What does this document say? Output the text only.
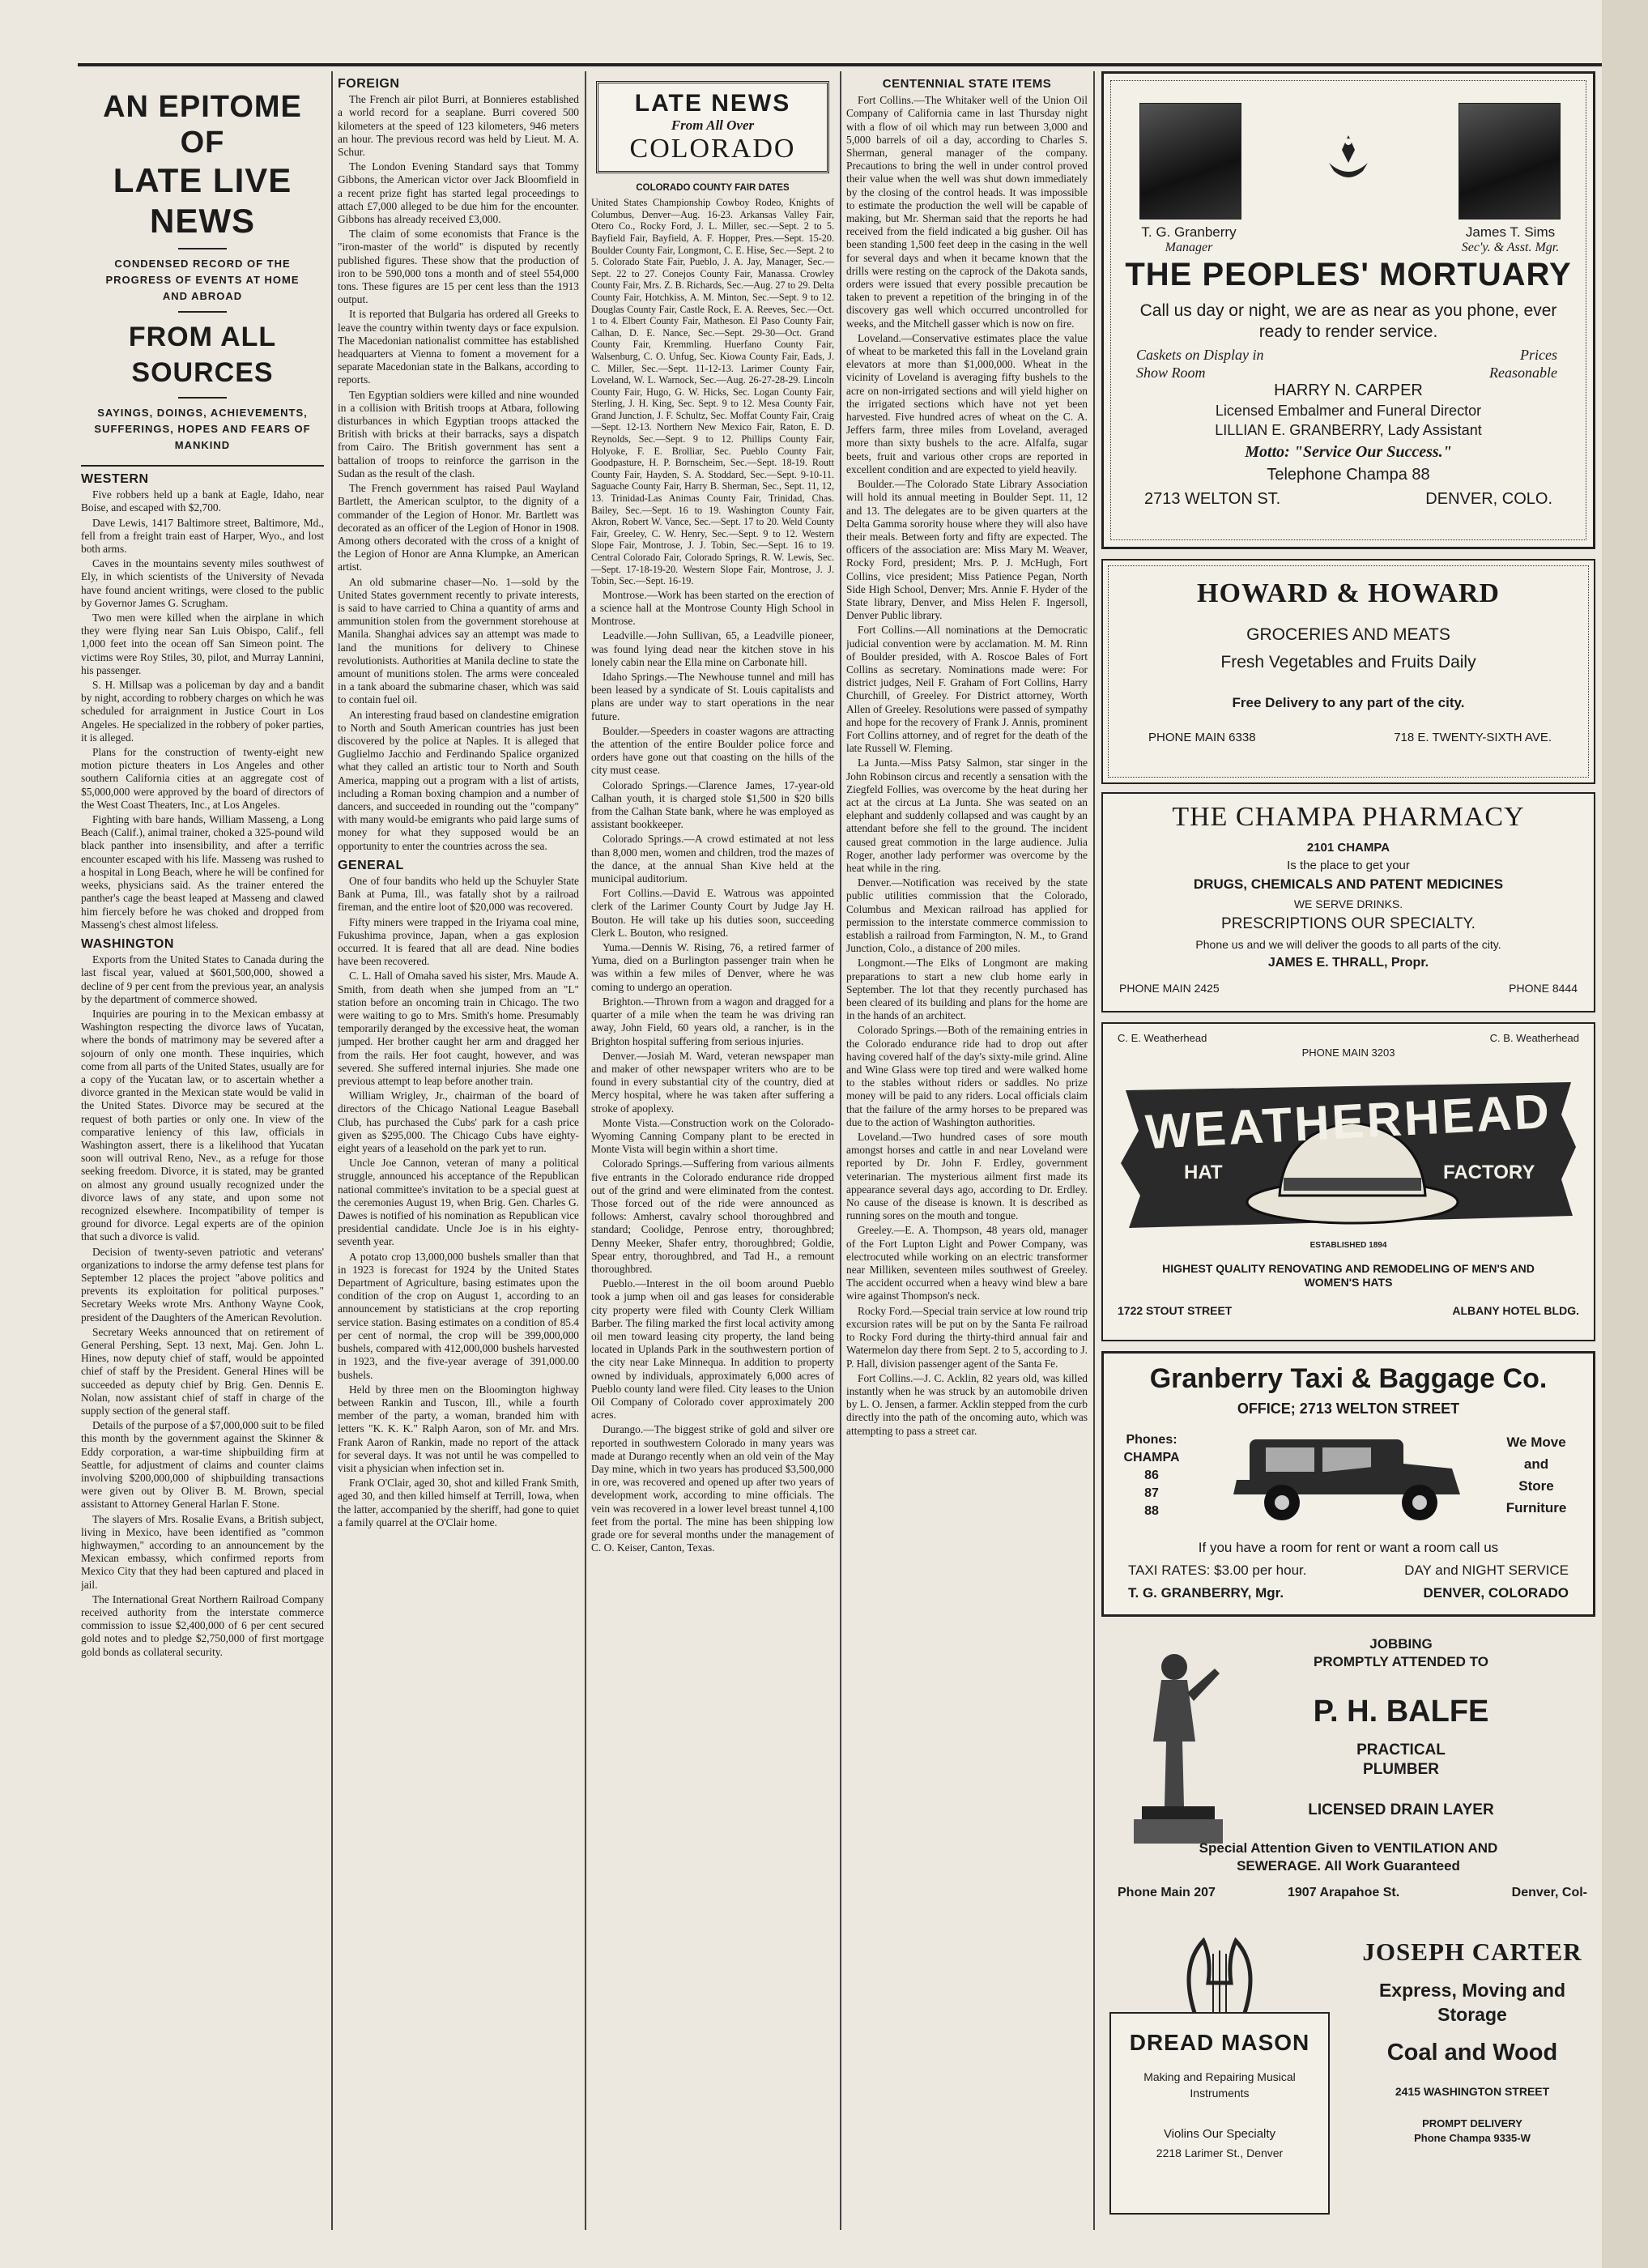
AN EPITOME OF
LATE LIVE NEWS
CONDENSED RECORD OF THE PROGRESS OF EVENTS AT HOME AND ABROAD
FROM ALL SOURCES
SAYINGS, DOINGS, ACHIEVEMENTS, SUFFERINGS, HOPES AND FEARS OF MANKIND
WESTERN

Five robbers held up a bank at Eagle, Idaho, near Boise, and escaped with $2,700.

Dave Lewis, 1417 Baltimore street, Baltimore, Md., fell from a freight train east of Harper, Wyo., and lost both arms.

Caves in the mountains seventy miles southwest of Ely, in which scientists of the University of Nevada have found ancient writings, were closed to the public by Governor James G. Scrugham.

Two men were killed when the airplane in which they were flying near San Luis Obispo, Calif., fell 1,000 feet into the ocean off San Simeon point. The victims were Roy Stiles, 30, pilot, and Murray Lannini, his passenger.

S. H. Millsap was a policeman by day and a bandit by night, according to robbery charges on which he was scheduled for arraignment in Justice Court in Los Angeles. He specialized in the robbery of poker parties, it is alleged.

Plans for the construction of twenty-eight new motion picture theaters in Los Angeles and other southern California cities at an aggregate cost of $5,000,000 were approved by the board of directors of the West Coast Theaters, Inc., at Los Angeles.

Fighting with bare hands, William Masseng, a Long Beach (Calif.), animal trainer, choked a 325-pound wild black panther into insensibility, and after a terrific encounter escaped with his life. Masseng was rushed to a hospital in Long Beach, where he will be confined for weeks, physicians said. As the trainer entered the panther's cage the beast leaped at Masseng and clawed him fiercely before he was choked and dropped from Masseng's chest almost lifeless.

WASHINGTON

Exports from the United States to Canada during the last fiscal year, valued at $601,500,000, showed a decline of 9 per cent from the previous year, an analysis by the department of commerce showed.

Inquiries are pouring in to the Mexican embassy at Washington respecting the divorce laws of Yucatan, where the bonds of matrimony may be severed after a sojourn of only one month. These inquiries, which come from all parts of the United States, usually are for a copy of the Yucatan law, or to ascertain whether a divorce granted in the Mexican state would be valid in the United States. Divorce may be secured at the request of both parties or only one. In view of the comparative leniency of this law, officials in Washington assert, there is a likelihood that Yucatan soon will outrival Reno, Nev., as a refuge for those seeking freedom. Divorce, it is stated, may be granted on almost any ground usually recognized under the divorce laws of any state, and upon some not recognized elsewhere. Incompatibility of temper is ground for divorce. Legal experts are of the opinion that such a divorce is valid.

Decision of twenty-seven patriotic and veterans' organizations to indorse the army defense test plans for September 12 places the project "above politics and prevents its exploitation for political purposes." Secretary Weeks wrote Mrs. Anthony Wayne Cook, president of the Daughters of the American Revolution.

Secretary Weeks announced that on retirement of General Pershing, Sept. 13 next, Maj. Gen. John L. Hines, now deputy chief of staff, would be appointed chief of staff by the President. General Hines will be succeeded as deputy chief by Brig. Gen. Dennis E. Nolan, now assistant chief of staff in charge of the supply section of the general staff.

Details of the purpose of a $7,000,000 suit to be filed this month by the government against the Skinner & Eddy corporation, a war-time shipbuilding firm at Seattle, for adjustment of claims and counter claims involving $200,000,000 of shipbuilding transactions were given out by Oliver B. M. Brown, special assistant to Attorney General Harlan F. Stone.

The slayers of Mrs. Rosalie Evans, a British subject, living in Mexico, have been identified as "common highwaymen," according to an announcement by the Mexican embassy, which confirmed reports from Mexico City that they had been captured and placed in jail.

The International Great Northern Railroad Company received authority from the interstate commerce commission to issue $2,400,000 of 6 per cent secured gold notes and to pledge $2,750,000 of first mortgage gold bonds as collateral security.

FOREIGN

The French air pilot Burri, at Bonnieres established a world record for a seaplane. Burri covered 500 kilometers at the speed of 123 kilometers, 946 meters an hour. The previous record was held by Lieut. M. A. Schur.

The London Evening Standard says that Tommy Gibbons, the American victor over Jack Bloomfield in a recent prize fight has started legal proceedings to attach £7,000 alleged to be due him for the encounter. Gibbons has already received £3,000.

The claim of some economists that France is the "iron-master of the world" is disputed by recently published figures. These show that the production of iron to be 590,000 tons a month and of steel 554,000 tons. These figures are 15 per cent less than the 1913 output.

It is reported that Bulgaria has ordered all Greeks to leave the country within twenty days or face expulsion. The Macedonian nationalist committee has established headquarters at Vienna to foment a movement for a separate Macedonian state in the Balkans, according to reports.

Ten Egyptian soldiers were killed and nine wounded in a collision with British troops at Atbara, following disturbances in which Egyptian troops attacked the British with bricks at their barracks, says a dispatch from Cairo. The British government has sent a battalion of troops to reinforce the garrison in the Sudan as the result of the clash.

The French government has raised Paul Wayland Bartlett, the American sculptor, to the dignity of a commander of the Legion of Honor. Mr. Bartlett was decorated as an officer of the Legion of Honor in 1908. Among others decorated with the cross of a knight of the Legion of Honor are Anna Klumpke, an American artist.

An old submarine chaser—No. 1—sold by the United States government recently to private interests, is said to have carried to China a quantity of arms and ammunition stolen from the government storehouse at Manila. Shanghai advices say an attempt was made to land the munitions for delivery to Chinese revolutionists. Authorities at Manila decline to state the amount of munitions stolen. The arms were concealed in a tank aboard the submarine chaser, which was said to contain fuel oil.

An interesting fraud based on clandestine emigration to North and South American countries has just been discovered by the police at Naples. It is alleged that Guglielmo Jacchio and Ferdinando Spalice organized what they called an artistic tour to North and South America, mapping out a program with a list of artists, including a Roman boxing champion and a number of dancers, and succeeded in rounding out the "company" with many would-be emigrants who paid large sums of money for what they supposed would be an opportunity to enter the countries across the sea.

GENERAL

One of four bandits who held up the Schuyler State Bank at Puma, Ill., was fatally shot by a railroad fireman, and the entire loot of $20,000 was recovered.

Fifty miners were trapped in the Iriyama coal mine, Fukushima province, Japan, when a gas explosion occurred. It is feared that all are dead. Nine bodies have been recovered.

C. L. Hall of Omaha saved his sister, Mrs. Maude A. Smith, from death when she jumped from an "L" station before an oncoming train in Chicago. The two were waiting to go to Mrs. Smith's home. Presumably temporarily deranged by the excessive heat, the woman jumped. Her brother caught her arm and dragged her from the rails. Her foot caught, however, and was severed. She suffered internal injuries. She made one previous attempt to leap before another train.

William Wrigley, Jr., chairman of the board of directors of the Chicago National League Baseball Club, has purchased the Cubs' park for a cash price given as $295,000. The Chicago Cubs have eighty-eight years of a leasehold on the park yet to run.

Uncle Joe Cannon, veteran of many a political struggle, announced his acceptance of the Republican national committee's invitation to be a special guest at the ceremonies August 19, when Brig. Gen. Charles G. Dawes is notified of his nomination as Republican vice presidential candidate. Uncle Joe is in his eighty-seventh year.

A potato crop 13,000,000 bushels smaller than that in 1923 is forecast for 1924 by the United States Department of Agriculture, basing estimates upon the condition of the crop on August 1, according to an announcement by statisticians at the crop reporting service station. Basing estimates on a condition of 85.4 per cent of normal, the crop will be 399,000,000 bushels, compared with 412,000,000 bushels harvested in 1923, and the five-year average of 391,000.00 bushels.

Held by three men on the Bloomington highway between Rankin and Tuscon, Ill., while a fourth member of the party, a woman, branded him with letters "K. K. K." Ralph Aaron, son of Mr. and Mrs. Frank Aaron of Rankin, made no report of the attack for several days. It was not until he was compelled to visit a physician when infection set in.

Frank O'Clair, aged 30, shot and killed Frank Smith, aged 30, and then killed himself at Terrill, Iowa, when the latter, accompanied by the sheriff, had gone to quiet a family quarrel at the O'Clair home.

LATE NEWS
From All Over
COLORADO
COLORADO COUNTY FAIR DATES

United States Championship Cowboy Rodeo, Knights of Columbus, Denver—Aug. 16-23. Arkansas Valley Fair, Otero Co., Rocky Ford, J. L. Miller, sec.—Sept. 2 to 5. Bayfield Fair, Bayfield, A. F. Hopper, Pres.—Sept. 15-20. Boulder County Fair, Longmont, C. E. Hise, Sec.—Sept. 2 to 5. Colorado State Fair, Pueblo, J. A. Jay, Manager, Sec.—Sept. 22 to 27. Conejos County Fair, Manassa. Crowley County Fair, Mrs. Z. B. Richards, Sec.—Aug. 27 to 29. Delta County Fair, Hotchkiss, A. M. Minton, Sec.—Sept. 9 to 12. Douglas County Fair, Castle Rock, E. A. Reeves, Sec.—Oct. 1 to 4. Elbert County Fair, Matheson. El Paso County Fair, Calhan, D. E. Nance, Sec.—Sept. 29-30—Oct. Grand County Fair, Kremmling. Huerfano County Fair, Walsenburg, C. O. Unfug, Sec. Kiowa County Fair, Eads, J. C. Miller, Sec.—Sept. 11-12-13. Larimer County Fair, Loveland, W. L. Warnock, Sec.—Aug. 26-27-28-29. Lincoln County Fair, Hugo, G. W. Hicks, Sec. Logan County Fair, Sterling, J. H. King, Sec. Sept. 9 to 12. Mesa County Fair, Grand Junction, J. F. Schultz, Sec. Moffat County Fair, Craig—Sept. 12-13. Northern New Mexico Fair, Raton, E. D. Reynolds, Sec.—Sept. 9 to 12. Phillips County Fair, Holyoke, F. E. Brolliar, Sec. Pueblo County Fair, Goodpasture, H. P. Bornscheim, Sec.—Sept. 18-19. Routt County Fair, Hayden, S. A. Stoddard, Sec.—Sept. 9-10-11. Saguache County Fair, Harry B. Sherman, Sec., Sept. 11, 12, 13. Trinidad-Las Animas County Fair, Trinidad, Chas. Bailey, Sec.—Sept. 16 to 19. Washington County Fair, Akron, Robert W. Vance, Sec.—Sept. 17 to 20. Weld County Fair, Greeley, C. W. Henry, Sec.—Sept. 9 to 12. Western Slope Fair, Montrose, J. J. Tobin, Sec.—Sept. 16 to 19. Central Colorado Fair, Colorado Springs, R. W. Lewis, Sec.—Sept. 17-18-19-20. Western Slope Fair, Montrose, J. J. Tobin, Sec.—Sept. 16-19.

Montrose.—Work has been started on the erection of a science hall at the Montrose County High School in Montrose.

Leadville.—John Sullivan, 65, a Leadville pioneer, was found lying dead near the kitchen stove in his lonely cabin near the Ella mine on Carbonate hill.

Idaho Springs.—The Newhouse tunnel and mill has been leased by a syndicate of St. Louis capitalists and plans are under way to start operations in the near future.

Boulder.—Speeders in coaster wagons are attracting the attention of the entire Boulder police force and orders have gone out that coasting on the hills of the city must cease.

Colorado Springs.—Clarence James, 17-year-old Calhan youth, it is charged stole $1,500 in $20 bills from the Calhan State bank, where he was employed as assistant bookkeeper.

Colorado Springs.—A crowd estimated at not less than 8,000 men, women and children, trod the mazes of the dance, at the annual Shan Kive held at the municipal auditorium.

Fort Collins.—David E. Watrous was appointed clerk of the Larimer County Court by Judge Jay H. Bouton. He will take up his duties soon, succeeding Clerk L. Bouton, who resigned.

Yuma.—Dennis W. Rising, 76, a retired farmer of Yuma, died on a Burlington passenger train when he was within a few miles of Denver, where he was coming to undergo an operation.

Brighton.—Thrown from a wagon and dragged for a quarter of a mile when the team he was driving ran away, John Field, 60 years old, a rancher, is in the Brighton hospital suffering from serious injuries.

Denver.—Josiah M. Ward, veteran newspaper man and maker of other newspaper writers who are to be found in every substantial city of the country, died at Mercy hospital, where he was taken after suffering a stroke of apoplexy.

Monte Vista.—Construction work on the Colorado-Wyoming Canning Company plant to be erected in Monte Vista will begin within a short time.

Colorado Springs.—Suffering from various ailments five entrants in the Colorado endurance ride dropped out of the grind and were eliminated from the contest. Those forced out of the ride were announced as follows: Amherst, cavalry school thoroughbred and standard; Coolidge, Penrose entry, thoroughbred; Denny Meeker, Shafer entry, thoroughbred; Goldie, Spear entry, thoroughbred, and Tad H., a remount thoroughbred.

Pueblo.—Interest in the oil boom around Pueblo took a jump when oil and gas leases for considerable city property were filed with County Clerk William Barber. The filing marked the first local activity among oil men toward leasing city property, the land being located in Uplands Park in the southwestern portion of the city near Lake Minnequa. In addition to property owned by individuals, approximately 6,000 acres of Pueblo county land were filed. City leases to the Union Oil Company of Colorado cover approximately 200 acres.

Durango.—The biggest strike of gold and silver ore reported in southwestern Colorado in many years was made at Durango recently when an old vein of the May Day mine, which in two years has produced $3,500,000 in ore, was recovered and opened up after two years of development work, according to mine officials. The vein was recovered in a lower level breast tunnel 4,100 feet from the portal. The mine has been shipping low grade ore for several months under the management of C. O. Keiser, Canton, Texas.

CENTENNIAL STATE ITEMS

Fort Collins.—The Whitaker well of the Union Oil Company of California came in last Thursday night with a flow of oil which may run between 3,000 and 5,000 barrels of oil a day, according to Charles S. Sherman, general manager of the company. Precautions to bring the well in under control proved their value when the well was shut down immediately by the closing of the control heads. It was impossible to estimate the production the well will be capable of making, but Mr. Sherman said that the reports he had received from the field indicated a big gusher. Oil has been standing 1,500 feet deep in the casing in the well for several days and when it became known that the drills were resting on the caprock of the Dakota sands, orders were issued that every possible precaution be taken to prevent a repetition of the bringing in of the discovery gas well which occurred uncontrolled for weeks, and the Mitchell gasser which is now on fire.

Loveland.—Conservative estimates place the value of wheat to be marketed this fall in the Loveland grain elevators at more than $1,000,000. Wheat in the vicinity of Loveland is averaging fifty bushels to the acre on non-irrigated sections and will yield higher on the irrigated sections which have not yet been harvested. Five hundred acres of wheat on the C. A. Jeffers farm, three miles from Loveland, averaged more than sixty bushels to the acre. Alfalfa, sugar beets, fruit and various other crops are reported in excellent condition and are expected to yield heavily.

Boulder.—The Colorado State Library Association will hold its annual meeting in Boulder Sept. 11, 12 and 13. The delegates are to be given quarters at the Delta Gamma sorority house where they will also have their meals. Between forty and fifty are expected. The officers of the association are: Miss Mary M. Weaver, Rocky Ford, president; Mrs. P. J. McHugh, Fort Collins, vice president; Miss Patience Pegan, North Side High School, Denver; Mrs. Annie F. Hyder of the State library, Denver, and Miss Helen F. Ingersoll, Denver Public library.

Fort Collins.—All nominations at the Democratic judicial convention were by acclamation. M. M. Rinn of Boulder presided, with A. Roscoe Bales of Fort Collins as secretary. Nominations made were: For district judges, Neil F. Graham of Fort Collins, Harry Churchill, of Greeley. For District attorney, Worth Allen of Greeley. Resolutions were passed of sympathy and hope for the recovery of Frank J. Annis, prominent Fort Collins attorney, and of regret for the death of the late Russell W. Fleming.

La Junta.—Miss Patsy Salmon, star singer in the John Robinson circus and recently a sensation with the Ziegfeld Follies, was overcome by the heat during her act at the circus at La Junta. She was seated on an elephant and suddenly collapsed and was caught by an attendant before she fell to the ground. The incident caused great commotion in the large audience. Julia Roger, another lady performer was overcome by the heat while in the ring.

Denver.—Notification was received by the state public utilities commission that the Colorado, Columbus and Mexican railroad has applied for permission to the interstate commerce commission to establish a railroad from Farmington, N. M., to Grand Junction, Colo., a distance of 200 miles.

Longmont.—The Elks of Longmont are making preparations to start a new club home early in September. The lot that they recently purchased has been cleared of its building and plans for the home are in the hands of an architect.

Colorado Springs.—Both of the remaining entries in the Colorado endurance ride had to drop out after having covered half of the day's sixty-mile grind. Aline and Wine Glass were top tired and were walked home to the stables without riders or saddles. No prize money will be paid to any riders. Local officials claim that the failure of the army horses to be prepared was due to the action of Washington authorities.

Loveland.—Two hundred cases of sore mouth amongst horses and cattle in and near Loveland were reported by Dr. John F. Erdley, government veterinarian. The mysterious ailment first made its appearance several days ago, according to Dr. Erdley. No cause of the disease is known. It is described as running sores on the mouth and tongue.

Greeley.—E. A. Thompson, 48 years old, manager of the Fort Lupton Light and Power Company, was electrocuted while working on an electric transformer near Milliken, seventeen miles southwest of Greeley. The accident occurred when a heavy wind blew a bare wire against Thompson's neck.

Rocky Ford.—Special train service at low round trip excursion rates will be put on by the Santa Fe railroad to Rocky Ford during the thirty-third annual fair and Watermelon day there from Sept. 2 to 5, according to J. P. Hall, division passenger agent of the Santa Fe.

Fort Collins.—J. C. Acklin, 82 years old, was killed instantly when he was struck by an automobile driven by L. O. Jensen, a farmer. Acklin stepped from the curb directly into the path of the oncoming auto, which was attempting to pass a street car.

T. G. Granberry
Manager
James T. Sims
Sec'y. & Asst. Mgr.
THE PEOPLES' MORTUARY
Call us day or night, we are as near as you phone, ever ready to render service.
Caskets on Display in Show Room
Prices Reasonable
HARRY N. CARPER
Licensed Embalmer and Funeral Director
LILLIAN E. GRANBERRY, Lady Assistant
Motto: "Service Our Success."
Telephone Champa 88
2713 WELTON ST.	DENVER, COLO.
HOWARD & HOWARD
GROCERIES AND MEATS
Fresh Vegetables and Fruits Daily
Free Delivery to any part of the city.
PHONE MAIN 6338	718 E. TWENTY-SIXTH AVE.
THE CHAMPA PHARMACY
2101 CHAMPA
Is the place to get your
DRUGS, CHEMICALS AND PATENT MEDICINES
WE SERVE DRINKS.
PRESCRIPTIONS OUR SPECIALTY.
Phone us and we will deliver the goods to all parts of the city.
JAMES E. THRALL, Propr.
PHONE MAIN 2425	PHONE 8444
C. E. Weatherhead
PHONE MAIN 3203
C. B. Weatherhead
WEATHERHEAD
HAT	FACTORY
ESTABLISHED 1894
HIGHEST QUALITY RENOVATING AND REMODELING OF MEN'S AND WOMEN'S HATS
1722 STOUT STREET	ALBANY HOTEL BLDG.
Granberry Taxi & Baggage Co.
OFFICE; 2713 WELTON STREET
Phones:
CHAMPA
86
87
88
We Move
and
Store
Furniture
If you have a room for rent or want a room call us
TAXI RATES: $3.00 per hour.	DAY and NIGHT SERVICE
T. G. GRANBERRY, Mgr.	DENVER, COLORADO
JOBBING
PROMPTLY ATTENDED TO
P. H. BALFE
PRACTICAL
PLUMBER
LICENSED DRAIN LAYER
Special Attention Given to VENTILATION AND
SEWERAGE. All Work Guaranteed
Phone Main 207	1907 Arapahoe St.	Denver, Col-
DREAD MASON
Making and Repairing Musical Instruments
Violins Our Specialty
2218 Larimer St., Denver
JOSEPH CARTER
Express, Moving and
Storage
Coal and Wood
2415 WASHINGTON STREET
PROMPT DELIVERY
Phone Champa 9335-W
